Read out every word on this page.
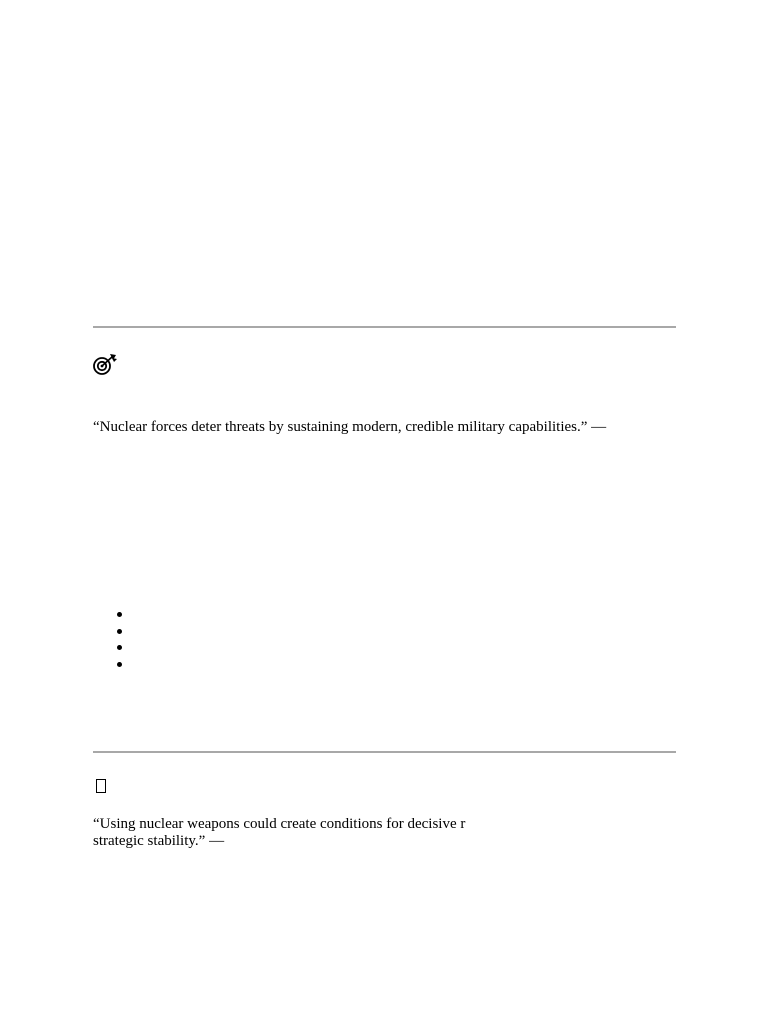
“Nuclear forces deter threats by sustaining modern, credible military capabilities.” —

“Using nuclear weapons could create conditions for decisive r
strategic stability.” —
